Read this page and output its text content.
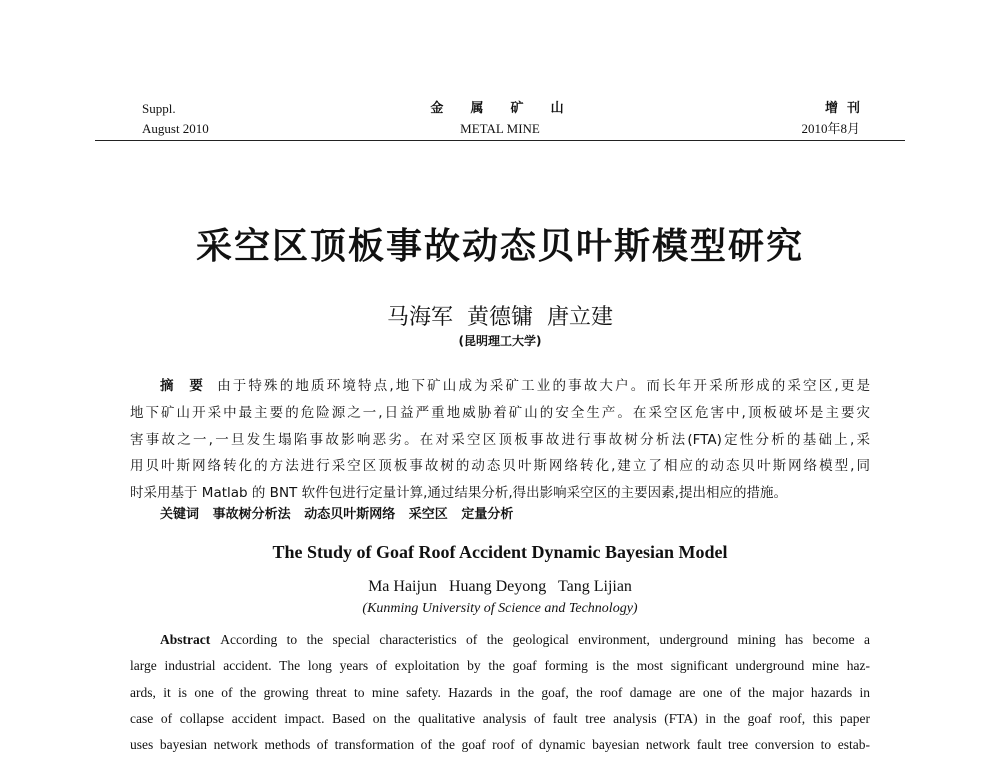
Suppl.
August 2010
金  属  矿  山
METAL MINE
增  刊
2010年8月
采空区顶板事故动态贝叶斯模型研究
马海军  黄德镛  唐立建
(昆明理工大学)
摘  要 由于特殊的地质环境特点,地下矿山成为采矿工业的事故大户。而长年开采所形成的采空区,更是
地下矿山开采中最主要的危险源之一,日益严重地威胁着矿山的安全生产。在采空区危害中,顶板破坏是主要灾
害事故之一,一旦发生塌陷事故影响恶劣。在对采空区顶板事故进行事故树分析法(FTA)定性分析的基础上,采
用贝叶斯网络转化的方法进行采空区顶板事故树的动态贝叶斯网络转化,建立了相应的动态贝叶斯网络模型,同
时采用基于 Matlab 的 BNT 软件包进行定量计算,通过结果分析,得出影响采空区的主要因素,提出相应的措施。
关键词 事故树分析法 动态贝叶斯网络 采空区 定量分析
The Study of Goaf Roof Accident Dynamic Bayesian Model
Ma Haijun   Huang Deyong   Tang Lijian
(Kunming University of Science and Technology)
Abstract According to the special characteristics of the geological environment, underground mining has become a
large industrial accident. The long years of exploitation by the goaf forming is the most significant underground mine haz-
ards, it is one of the growing threat to mine safety. Hazards in the goaf, the roof damage are one of the major hazards in
case of collapse accident impact. Based on the qualitative analysis of fault tree analysis (FTA) in the goaf roof, this paper
uses bayesian network methods of transformation of the goaf roof of dynamic bayesian network fault tree conversion to estab-
